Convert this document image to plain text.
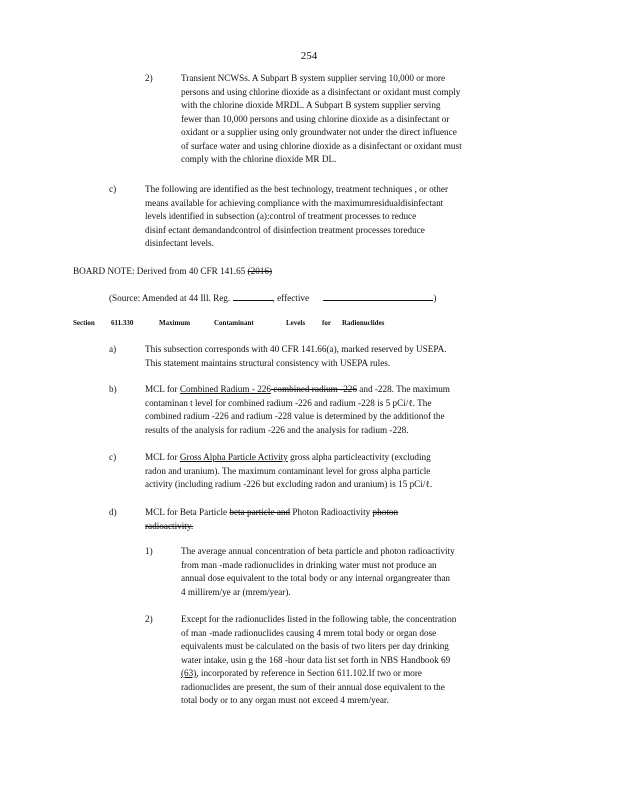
254
2)	Transient NCWSs. A Subpart B system supplier serving 10,000 or more
persons and using chlorine dioxide as a disinfectant or oxidant must comply
with the chlorine dioxide MRDL. A Subpart B system supplier serving
fewer than 10,000 persons and using chlorine dioxide as a disinfectant or
oxidant or a supplier using only groundwater not under the direct influence
of surface water and using chlorine dioxide as a disinfectant or oxidant must
comply with the chlorine dioxide MR DL.
c)	The following are identified as the best technology, treatment techniques , or other
means available for achieving compliance with the maximumresidualdisinfectant
levels identified in subsection (a):control of treatment processes to reduce
disinf ectant demandandcontrol of disinfection treatment processes toreduce
disinfectant levels.
BOARD NOTE: Derived from 40 CFR 141.65 (2016)
(Source: Amended at 44 Ill. Reg.	, effective	)
Section 611.330	Maximum	Contaminant	Levels for Radionuclides
a)	This subsection corresponds with 40 CFR 141.66(a), marked reserved by USEPA.
This statement maintains structural consistency with USEPA rules.
b)	MCL for Combined Radium - 226 combined radium -226 and -228. The maximum
contaminan t level for combined radium -226 and radium -228 is 5 pCi/ℓ. The
combined radium -226 and radium -228 value is determined by the additionof the
results of the analysis for radium -226 and the analysis for radium -228.
c)	MCL for Gross Alpha Particle Activity gross alpha particleactivity (excluding
radon and uranium). The maximum contaminant level for gross alpha particle
activity (including radium -226 but excluding radon and uranium) is 15 pCi/ℓ.
d)	MCL for Beta Particle beta particle and Photon Radioactivity photon
radioactivity.
1)	The average annual concentration of beta particle and photon radioactivity
from man -made radionuclides in drinking water must not produce an
annual dose equivalent to the total body or any internal organgreater than
4 millirem/ye ar (mrem/year).
2)	Except for the radionuclides listed in the following table, the concentration
of man -made radionuclides causing 4 mrem total body or organ dose
equivalents must be calculated on the basis of two liters per day drinking
water intake, usin g the 168 -hour data list set forth in NBS Handbook 69
(63), incorporated by reference in Section 611.102.If two or more
radionuclides are present, the sum of their annual dose equivalent to the
total body or to any organ must not exceed 4 mrem/year.
